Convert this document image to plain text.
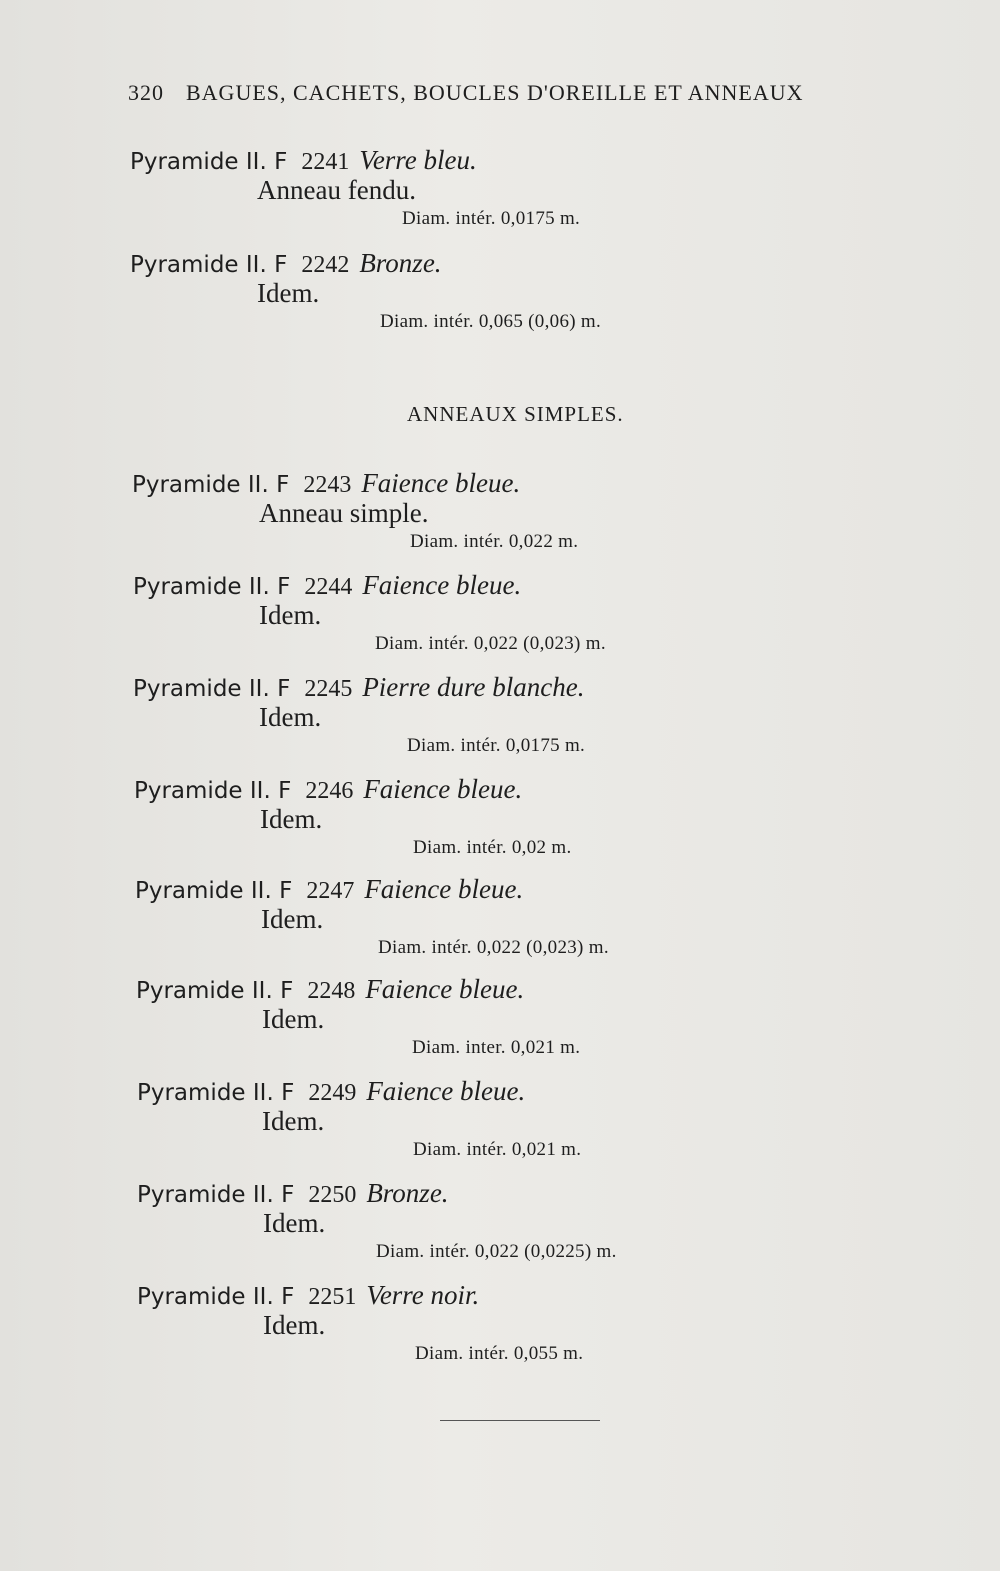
320 BAGUES, CACHETS, BOUCLES D'OREILLE ET ANNEAUX
Pyramide II. F 2241 Verre bleu.
Anneau fendu.
Diam. intér. 0,0175 m.
Pyramide II. F 2242 Bronze.
Idem.
Diam. intér. 0,065 (0,06) m.
ANNEAUX SIMPLES.
Pyramide II. F 2243 Faience bleue.
Anneau simple.
Diam. intér. 0,022 m.
Pyramide II. F 2244 Faience bleue.
Idem.
Diam. intér. 0,022 (0,023) m.
Pyramide II. F 2245 Pierre dure blanche.
Idem.
Diam. intér. 0,0175 m.
Pyramide II. F 2246 Faience bleue.
Idem.
Diam. intér. 0,02 m.
Pyramide II. F 2247 Faience bleue.
Idem.
Diam. intér. 0,022 (0,023) m.
Pyramide II. F 2248 Faience bleue.
Idem.
Diam. inter. 0,021 m.
Pyramide II. F 2249 Faience bleue.
Idem.
Diam. intér. 0,021 m.
Pyramide II. F 2250 Bronze.
Idem.
Diam. intér. 0,022 (0,0225) m.
Pyramide II. F 2251 Verre noir.
Idem.
Diam. intér. 0,055 m.
